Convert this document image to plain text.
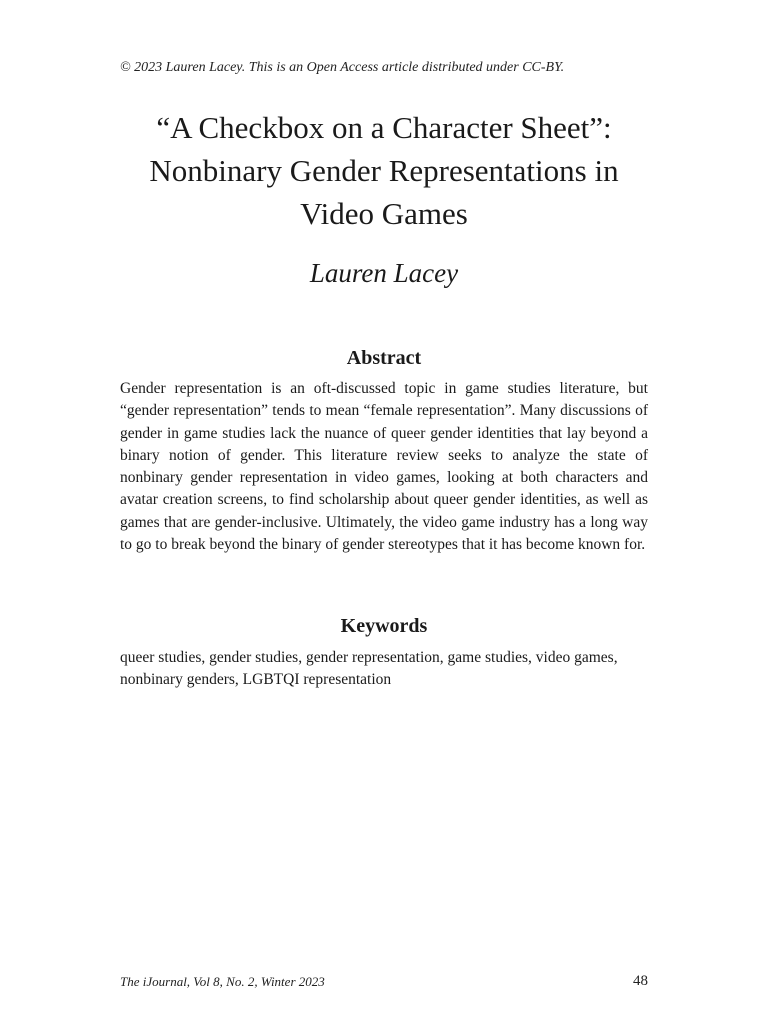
© 2023 Lauren Lacey. This is an Open Access article distributed under CC-BY.
“A Checkbox on a Character Sheet”:
Nonbinary Gender Representations in
Video Games
Lauren Lacey
Abstract

Gender representation is an oft-discussed topic in game studies literature, but “gender representation” tends to mean “female representation”. Many discussions of gender in game studies lack the nuance of queer gender identities that lay beyond a binary notion of gender. This literature review seeks to analyze the state of nonbinary gender representation in video games, looking at both characters and avatar creation screens, to find scholarship about queer gender identities, as well as games that are gender-inclusive. Ultimately, the video game industry has a long way to go to break beyond the binary of gender stereotypes that it has become known for.

Keywords

queer studies, gender studies, gender representation, game studies, video games, nonbinary genders, LGBTQI representation

The iJournal, Vol 8, No. 2, Winter 2023	48
